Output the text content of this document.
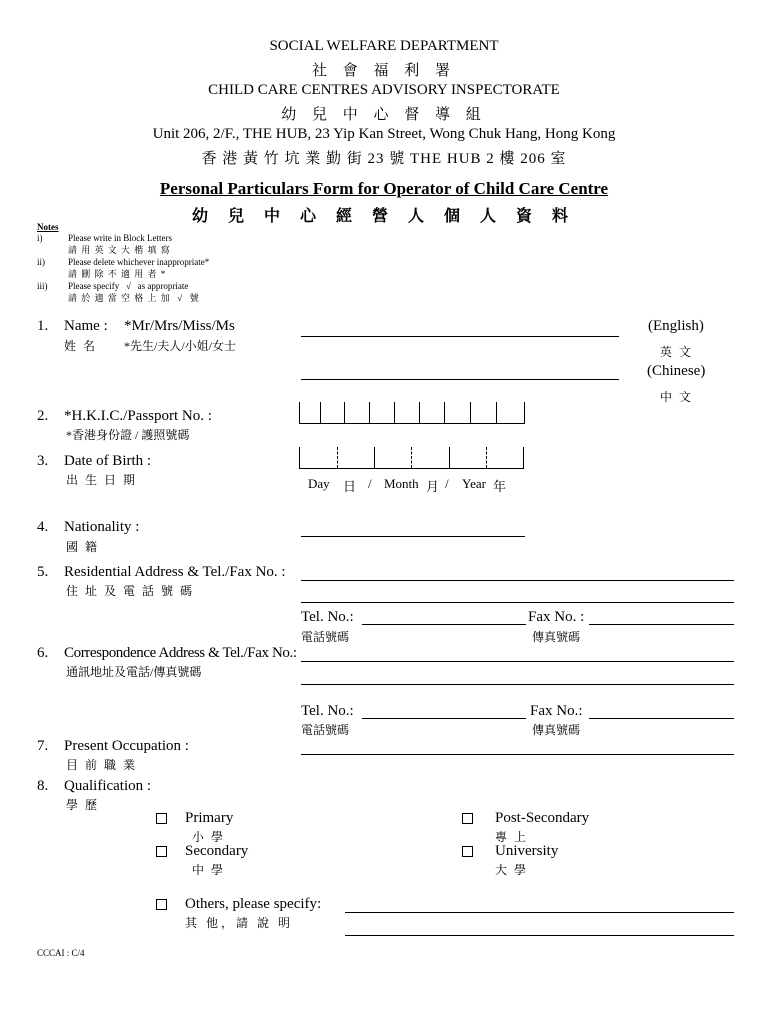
SOCIAL WELFARE DEPARTMENT
社 會 福 利 署
CHILD CARE CENTRES ADVISORY INSPECTORATE
幼 兒 中 心 督 導 組
Unit 206, 2/F., THE HUB, 23 Yip Kan Street, Wong Chuk Hang, Hong Kong
香 港 黃 竹 坑 業 勤 街 23 號 THE HUB 2 樓 206 室
Personal Particulars Form for Operator of Child Care Centre
幼 兒 中 心 經 營 人 個 人 資 料
Notes
i)	Please write in Block Letters
請 用 英 文 大 楷 填 寫
ii)	Please delete whichever inappropriate*
請 刪 除 不 適 用 者 *
iii) Please specify   √   as appropriate
請 於 適 當 空 格 上 加  √  號
1. Name : *Mr/Mrs/Miss/Ms
姓 名 *先生/夫人/小姐/女士
(English)
英 文
(Chinese)
中 文
2. *H.K.I.C./Passport No. :
*香港身份證 / 護照號碼
3. Date of Birth :
出 生 日 期	Day 日 / Month 月 / Year 年
4. Nationality :
國 籍
5. Residential Address & Tel./Fax No. :
住 址 及 電 話 號 碼
Tel. No.:
電話號碼
Fax No. :
傳真號碼
6. Correspondence Address & Tel./Fax No.:
通訊地址及電話/傳真號碼
Tel. No.:
電話號碼
Fax No.:
傳真號碼
7. Present Occupation :
目 前 職 業
8. Qualification :
學 歷
Primary
小 學
Secondary
中 學
Post-Secondary
專 上
University
大 學
Others, please specify:
其 他，請 說 明
CCCAI : C/4
